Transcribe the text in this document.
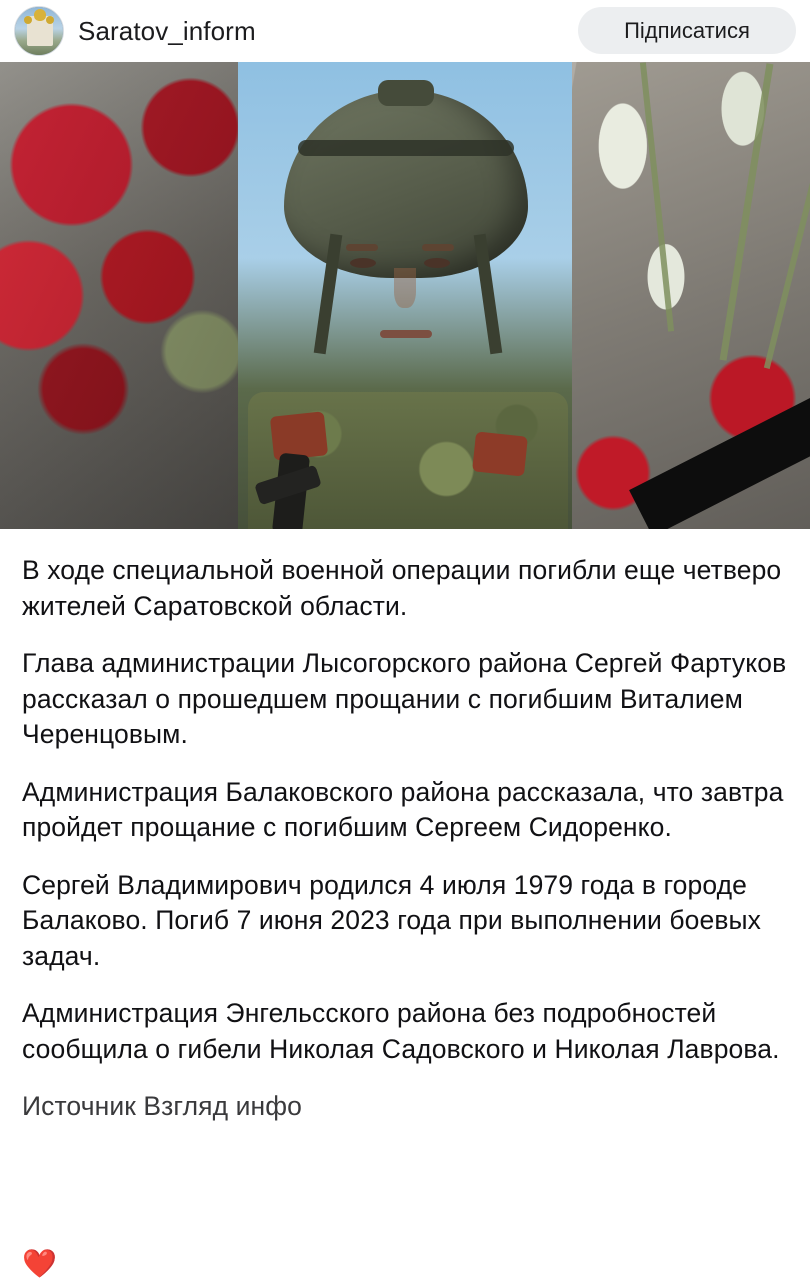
Saratov_inform	Підписатися

В ходе специальной военной операции погибли еще четверо жителей Саратовской области.

Глава администрации Лысогорского района Сергей Фартуков рассказал о прошедшем прощании с погибшим Виталием Черенцовым.

Администрация Балаковского района рассказала, что завтра пройдет прощание с погибшим Сергеем Сидоренко.

Сергей Владимирович родился 4 июля 1979 года в городе Балаково. Погиб 7 июня 2023 года при выполнении боевых задач.

Администрация Энгельсского района без подробностей сообщила о гибели Николая Садовского и Николая Лаврова.

Источник Взгляд инфо

❤️
